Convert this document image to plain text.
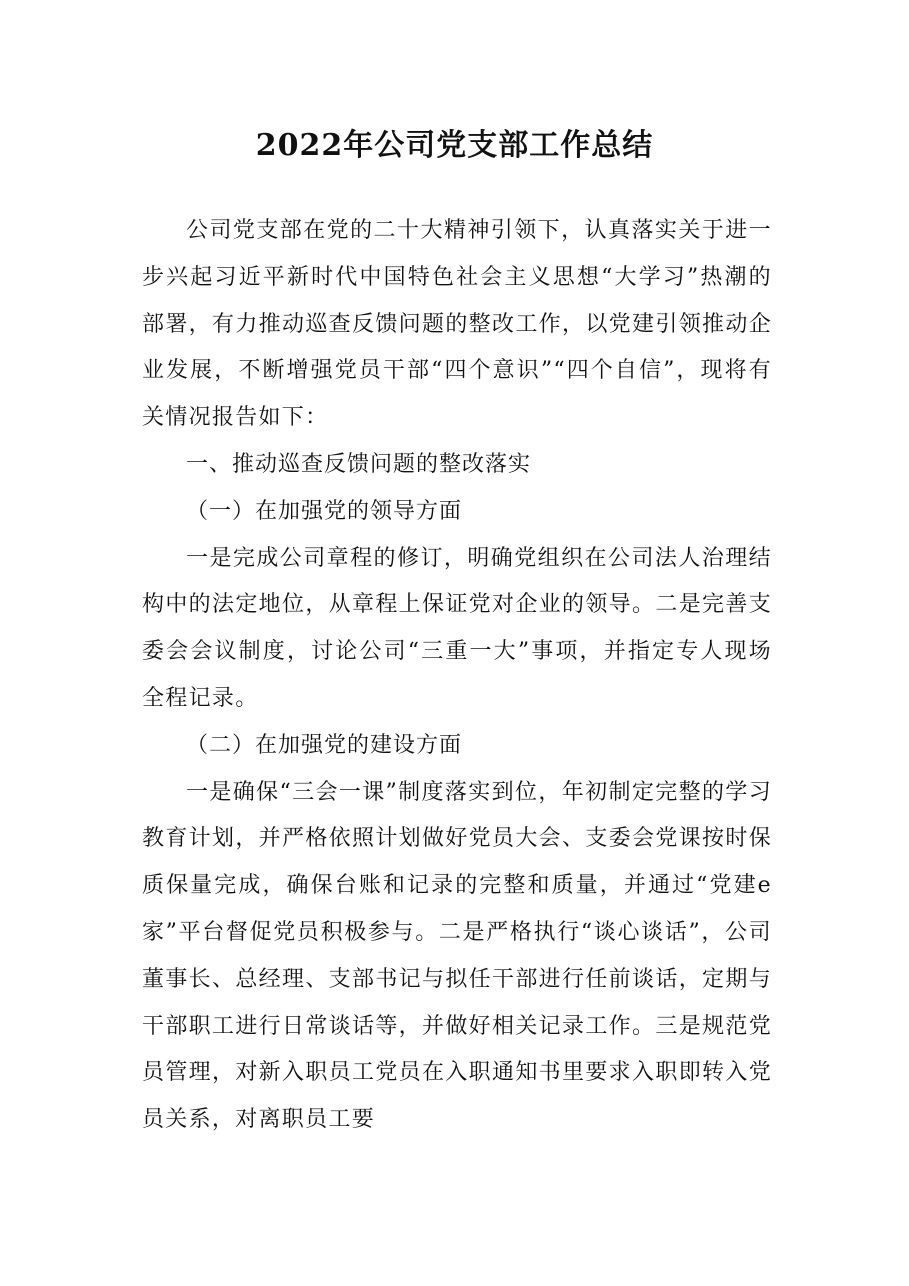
2022年公司党支部工作总结

公司党支部在党的二十大精神引领下，认真落实关于进一步兴起习近平新时代中国特色社会主义思想“大学习”热潮的部署，有力推动巡查反馈问题的整改工作，以党建引领推动企业发展，不断增强党员干部“四个意识”“四个自信”，现将有关情况报告如下：

一、推动巡查反馈问题的整改落实

（一）在加强党的领导方面

一是完成公司章程的修订，明确党组织在公司法人治理结构中的法定地位，从章程上保证党对企业的领导。二是完善支委会会议制度，讨论公司“三重一大”事项，并指定专人现场全程记录。

（二）在加强党的建设方面

一是确保“三会一课”制度落实到位，年初制定完整的学习教育计划，并严格依照计划做好党员大会、支委会党课按时保质保量完成，确保台账和记录的完整和质量，并通过“党建e家”平台督促党员积极参与。二是严格执行“谈心谈话”，公司董事长、总经理、支部书记与拟任干部进行任前谈话，定期与干部职工进行日常谈话等，并做好相关记录工作。三是规范党员管理，对新入职员工党员在入职通知书里要求入职即转入党员关系，对离职员工要
